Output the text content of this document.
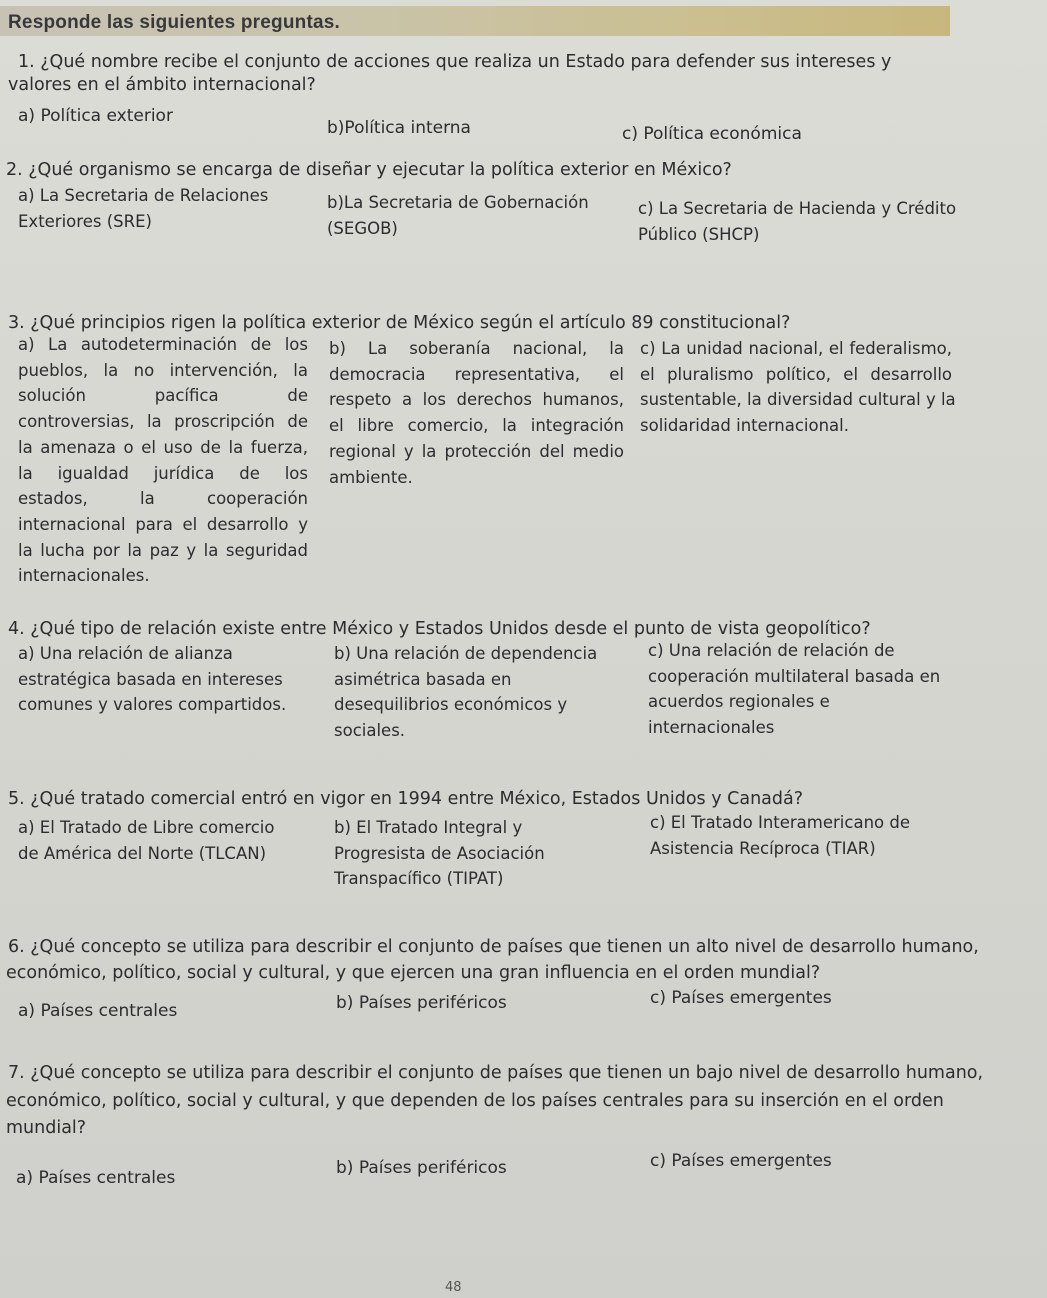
Responde las siguientes preguntas.
1. ¿Qué nombre recibe el conjunto de acciones que realiza un Estado para defender sus intereses y
valores en el ámbito internacional?
a) Política exterior
b)Política interna	c) Política económica
2. ¿Qué organismo se encarga de diseñar y ejecutar la política exterior en México?
a) La Secretaria de Relaciones
Exteriores (SRE)
b)La Secretaria de Gobernación
(SEGOB)
c) La Secretaria de Hacienda y Crédito
Público (SHCP)
3. ¿Qué principios rigen la política exterior de México según el artículo 89 constitucional?
a) La autodeterminación de los
pueblos, la no intervención, la
solución pacífica de
controversias, la proscripción de
la amenaza o el uso de la fuerza,
la igualdad jurídica de los
estados, la cooperación
internacional para el desarrollo y
la lucha por la paz y la seguridad
internacionales.
b) La soberanía nacional, la
democracia representativa, el
respeto a los derechos humanos,
el libre comercio, la integración
regional y la protección del medio
ambiente.
c) La unidad nacional, el federalismo,
el pluralismo político, el desarrollo
sustentable, la diversidad cultural y la
solidaridad internacional.
4. ¿Qué tipo de relación existe entre México y Estados Unidos desde el punto de vista geopolítico?
a) Una relación de alianza
estratégica basada en intereses
comunes y valores compartidos.
b) Una relación de dependencia
asimétrica basada en
desequilibrios económicos y
sociales.
c) Una relación de relación de
cooperación multilateral basada en
acuerdos regionales e
internacionales
5. ¿Qué tratado comercial entró en vigor en 1994 entre México, Estados Unidos y Canadá?
a) El Tratado de Libre comercio
de América del Norte (TLCAN)
b) El Tratado Integral y
Progresista de Asociación
Transpacífico (TIPAT)
c) El Tratado Interamericano de
Asistencia Recíproca (TIAR)
6. ¿Qué concepto se utiliza para describir el conjunto de países que tienen un alto nivel de desarrollo humano,
económico, político, social y cultural, y que ejercen una gran influencia en el orden mundial?
a) Países centrales	b) Países periféricos	c) Países emergentes
7. ¿Qué concepto se utiliza para describir el conjunto de países que tienen un bajo nivel de desarrollo humano,
económico, político, social y cultural, y que dependen de los países centrales para su inserción en el orden
mundial?
a) Países centrales	b) Países periféricos	c) Países emergentes
48
